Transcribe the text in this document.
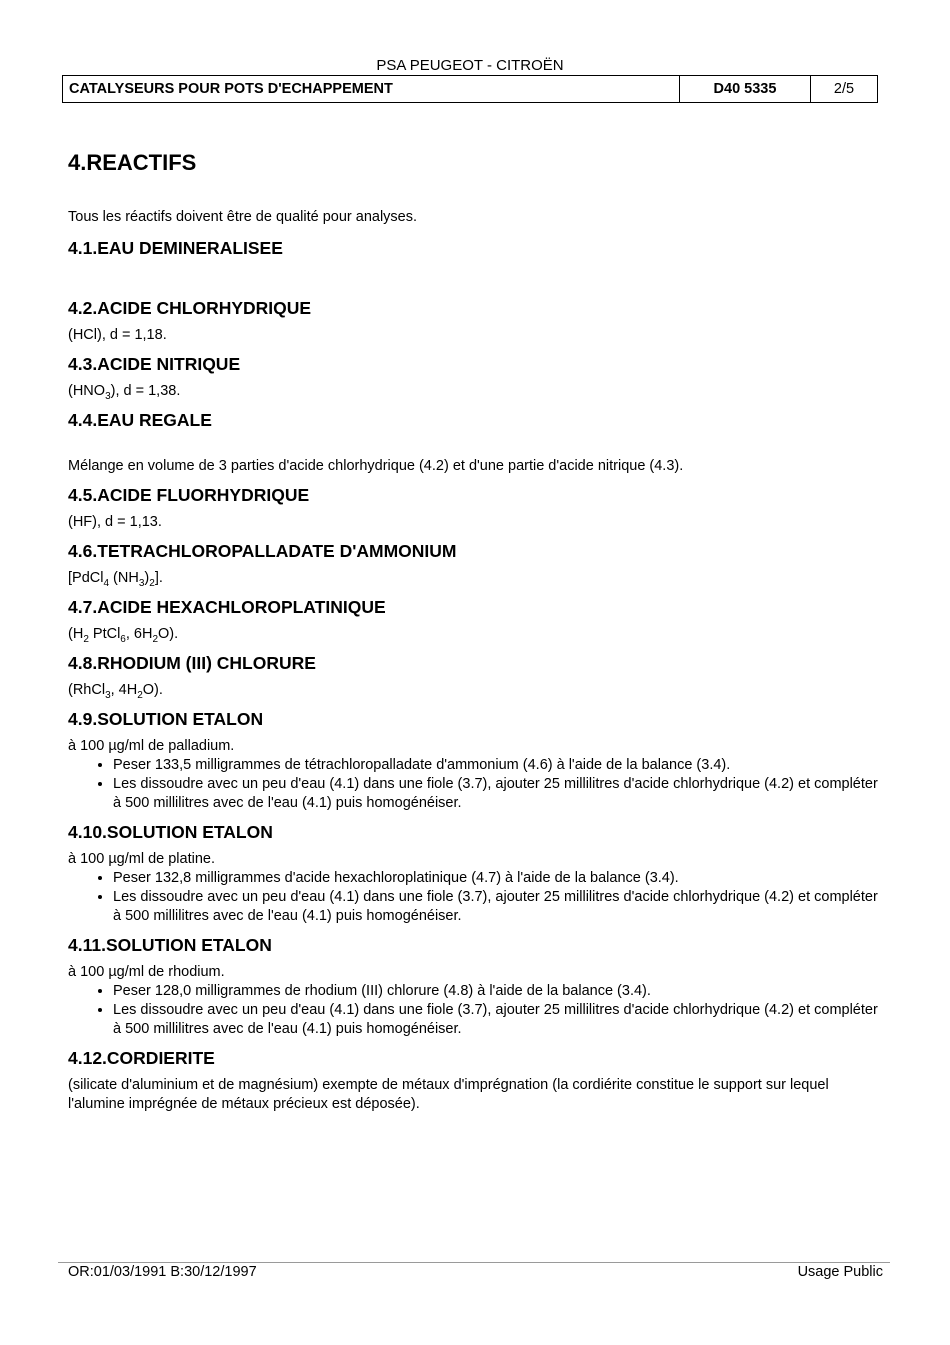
PSA PEUGEOT - CITROËN
CATALYSEURS POUR POTS D'ECHAPPEMENT	D40 5335	2/5
4.REACTIFS

Tous les réactifs doivent être de qualité pour analyses.

4.1.EAU DEMINERALISEE
4.2.ACIDE CHLORHYDRIQUE

(HCl), d = 1,18.

4.3.ACIDE NITRIQUE

$(HNO_3)$, d = 1,38.

4.4.EAU REGALE

Mélange en volume de 3 parties d'acide chlorhydrique (4.2) et d'une partie d'acide nitrique (4.3).

4.5.ACIDE FLUORHYDRIQUE

(HF), d = 1,13.

4.6.TETRACHLOROPALLADATE D'AMMONIUM

[PdCl$_4$ $(NH_3)_2$].

4.7.ACIDE HEXACHLOROPLATINIQUE

($H_2$ PtCl$_6$, $6H_2O$).

4.8.RHODIUM (III) CHLORURE

(RhCl$_3$, $4H_2O$).

4.9.SOLUTION ETALON

à 100 µg/ml de palladium.

• Peser 133,5 milligrammes de tétrachloropalladate d'ammonium (4.6) à l'aide de la balance (3.4).
• Les dissoudre avec un peu d'eau (4.1) dans une fiole (3.7), ajouter 25 millilitres d'acide chlorhydrique (4.2) et compléter à 500 millilitres avec de l'eau (4.1) puis homogénéiser.
4.10.SOLUTION ETALON

à 100 µg/ml de platine.

• Peser 132,8 milligrammes d'acide hexachloroplatinique (4.7) à l'aide de la balance (3.4).
• Les dissoudre avec un peu d'eau (4.1) dans une fiole (3.7), ajouter 25 millilitres d'acide chlorhydrique (4.2) et compléter à 500 millilitres avec de l'eau (4.1) puis homogénéiser.
4.11.SOLUTION ETALON

à 100 µg/ml de rhodium.

• Peser 128,0 milligrammes de rhodium (III) chlorure (4.8) à l'aide de la balance (3.4).
• Les dissoudre avec un peu d'eau (4.1) dans une fiole (3.7), ajouter 25 millilitres d'acide chlorhydrique (4.2) et compléter à 500 millilitres avec de l'eau (4.1) puis homogénéiser.
4.12.CORDIERITE

(silicate d'aluminium et de magnésium) exempte de métaux d'imprégnation (la cordiérite constitue le support sur lequel l'alumine imprégnée de métaux précieux est déposée).

OR:01/03/1991 B:30/12/1997	Usage Public
